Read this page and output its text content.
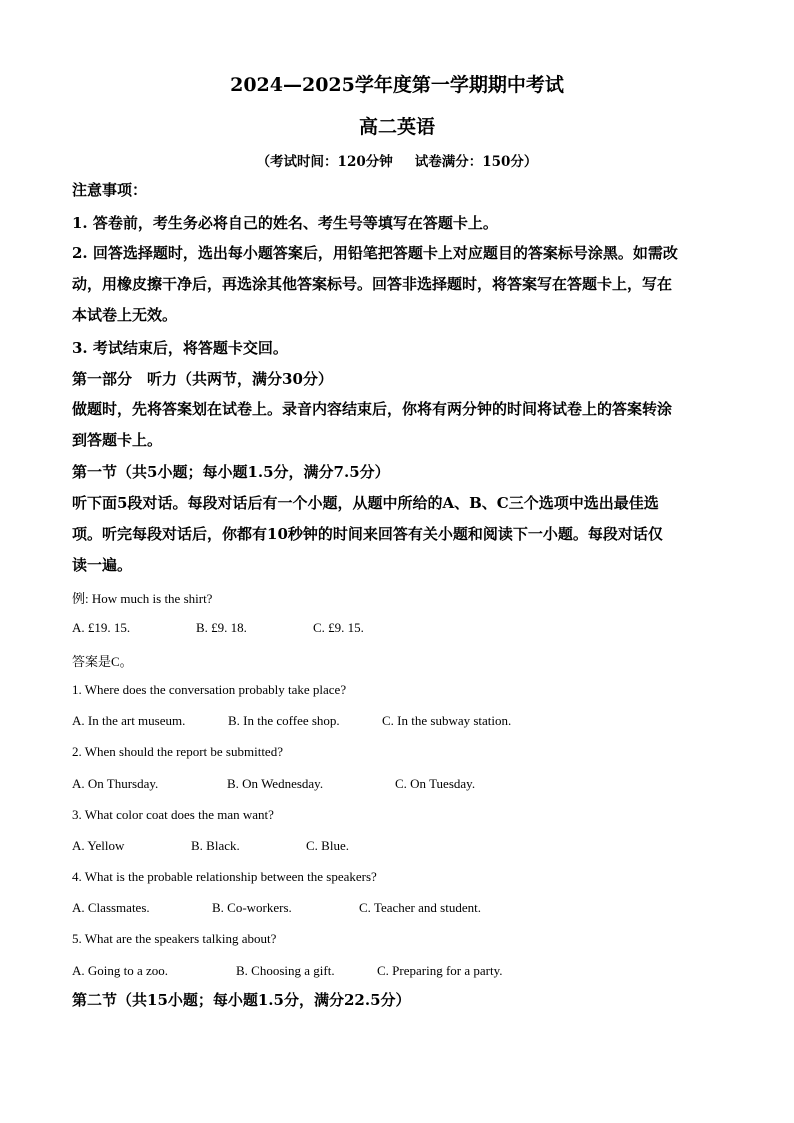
2024—2025学年度第一学期期中考试
高二英语
（考试时间：120分钟 试卷满分：150分）
注意事项：
1. 答卷前，考生务必将自己的姓名、考生号等填写在答题卡上。
2. 回答选择题时，选出每小题答案后，用铅笔把答题卡上对应题目的答案标号涂黑。如需改
动，用橡皮擦干净后，再选涂其他答案标号。回答非选择题时，将答案写在答题卡上，写在
本试卷上无效。
3. 考试结束后，将答题卡交回。
第一部分　听力（共两节，满分30分）
做题时，先将答案划在试卷上。录音内容结束后，你将有两分钟的时间将试卷上的答案转涂
到答题卡上。
第一节（共5小题；每小题1.5分，满分7.5分）
听下面5段对话。每段对话后有一个小题，从题中所给的A、B、C三个选项中选出最佳选
项。听完每段对话后，你都有10秒钟的时间来回答有关小题和阅读下一小题。每段对话仅
读一遍。
例: How much is the shirt?
A. £19. 15.	B. £9. 18.	C. £9. 15.
答案是C。
1. Where does the conversation probably take place?
A. In the art museum.	B. In the coffee shop.	C. In the subway station.
2. When should the report be submitted?
A. On Thursday.	B. On Wednesday.	C. On Tuesday.
3. What color coat does the man want?
A. Yellow	B. Black.	C. Blue.
4. What is the probable relationship between the speakers?
A. Classmates.	B. Co-workers.	C. Teacher and student.
5. What are the speakers talking about?
A. Going to a zoo.	B. Choosing a gift.	C. Preparing for a party.
第二节（共15小题；每小题1.5分，满分22.5分）
